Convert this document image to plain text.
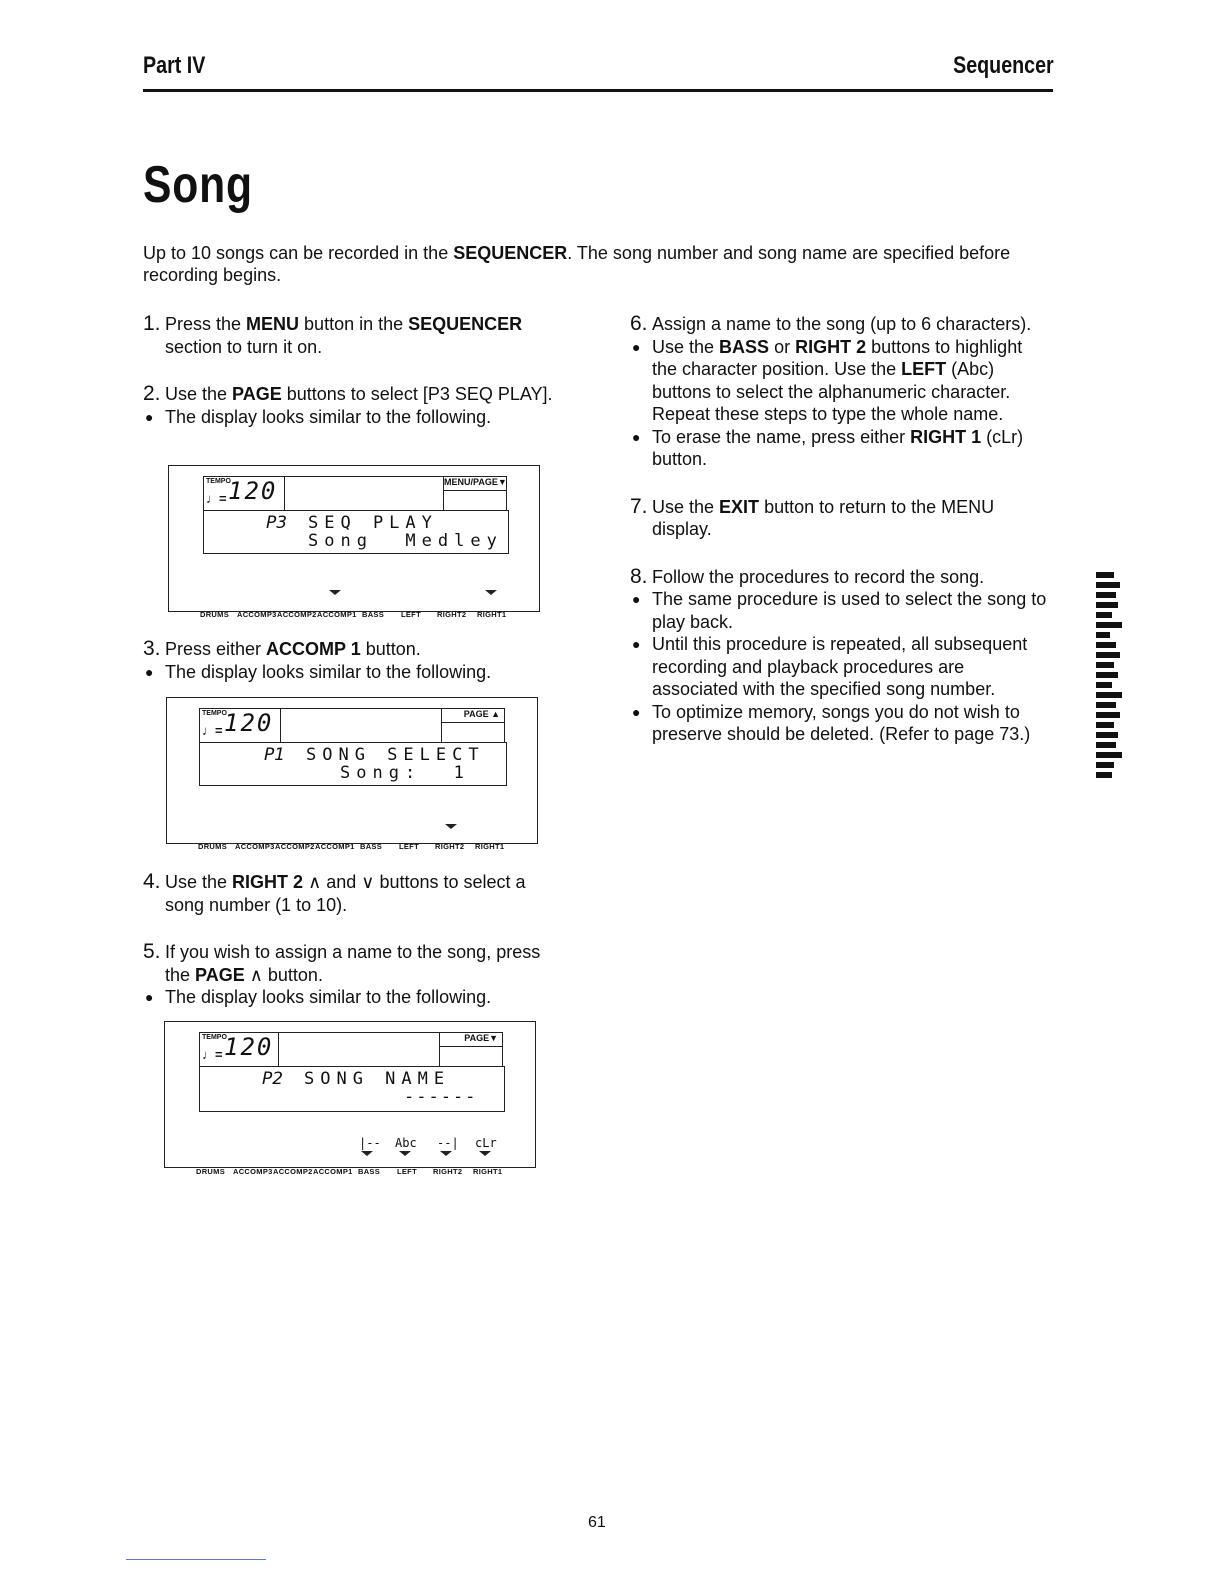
Part IV	Sequencer
Song
Up to 10 songs can be recorded in the SEQUENCER. The song number and song name are specified before recording begins.
1. Press the MENU button in the SEQUENCER section to turn it on.
2. Use the PAGE buttons to select [P3 SEQ PLAY].
● The display looks similar to the following.
TEMPO
♩= 120	MENU/PAGE▼
P3 SEQ PLAY
Song  Medley
DRUMS ACCOMP3 ACCOMP2 ACCOMP1 BASS LEFT RIGHT2 RIGHT1
3. Press either ACCOMP 1 button.
● The display looks similar to the following.
TEMPO
♩= 120	PAGE ▲
P1 SONG SELECT
Song:  1
DRUMS ACCOMP3 ACCOMP2 ACCOMP1 BASS LEFT RIGHT2 RIGHT1
4. Use the RIGHT 2 ∧ and ∨ buttons to select a song number (1 to 10).
5. If you wish to assign a name to the song, press the PAGE ∧ button.
● The display looks similar to the following.
TEMPO
♩= 120	PAGE▼
P2 SONG NAME
------
|-- Abc --| cLr
DRUMS ACCOMP3 ACCOMP2 ACCOMP1 BASS LEFT RIGHT2 RIGHT1
6. Assign a name to the song (up to 6 characters).
● Use the BASS or RIGHT 2 buttons to highlight the character position. Use the LEFT (Abc) buttons to select the alphanumeric character. Repeat these steps to type the whole name.
● To erase the name, press either RIGHT 1 (cLr) button.
7. Use the EXIT button to return to the MENU display.
8. Follow the procedures to record the song.
● The same procedure is used to select the song to play back.
● Until this procedure is repeated, all subsequent recording and playback procedures are associated with the specified song number.
● To optimize memory, songs you do not wish to preserve should be deleted. (Refer to page 73.)
61
